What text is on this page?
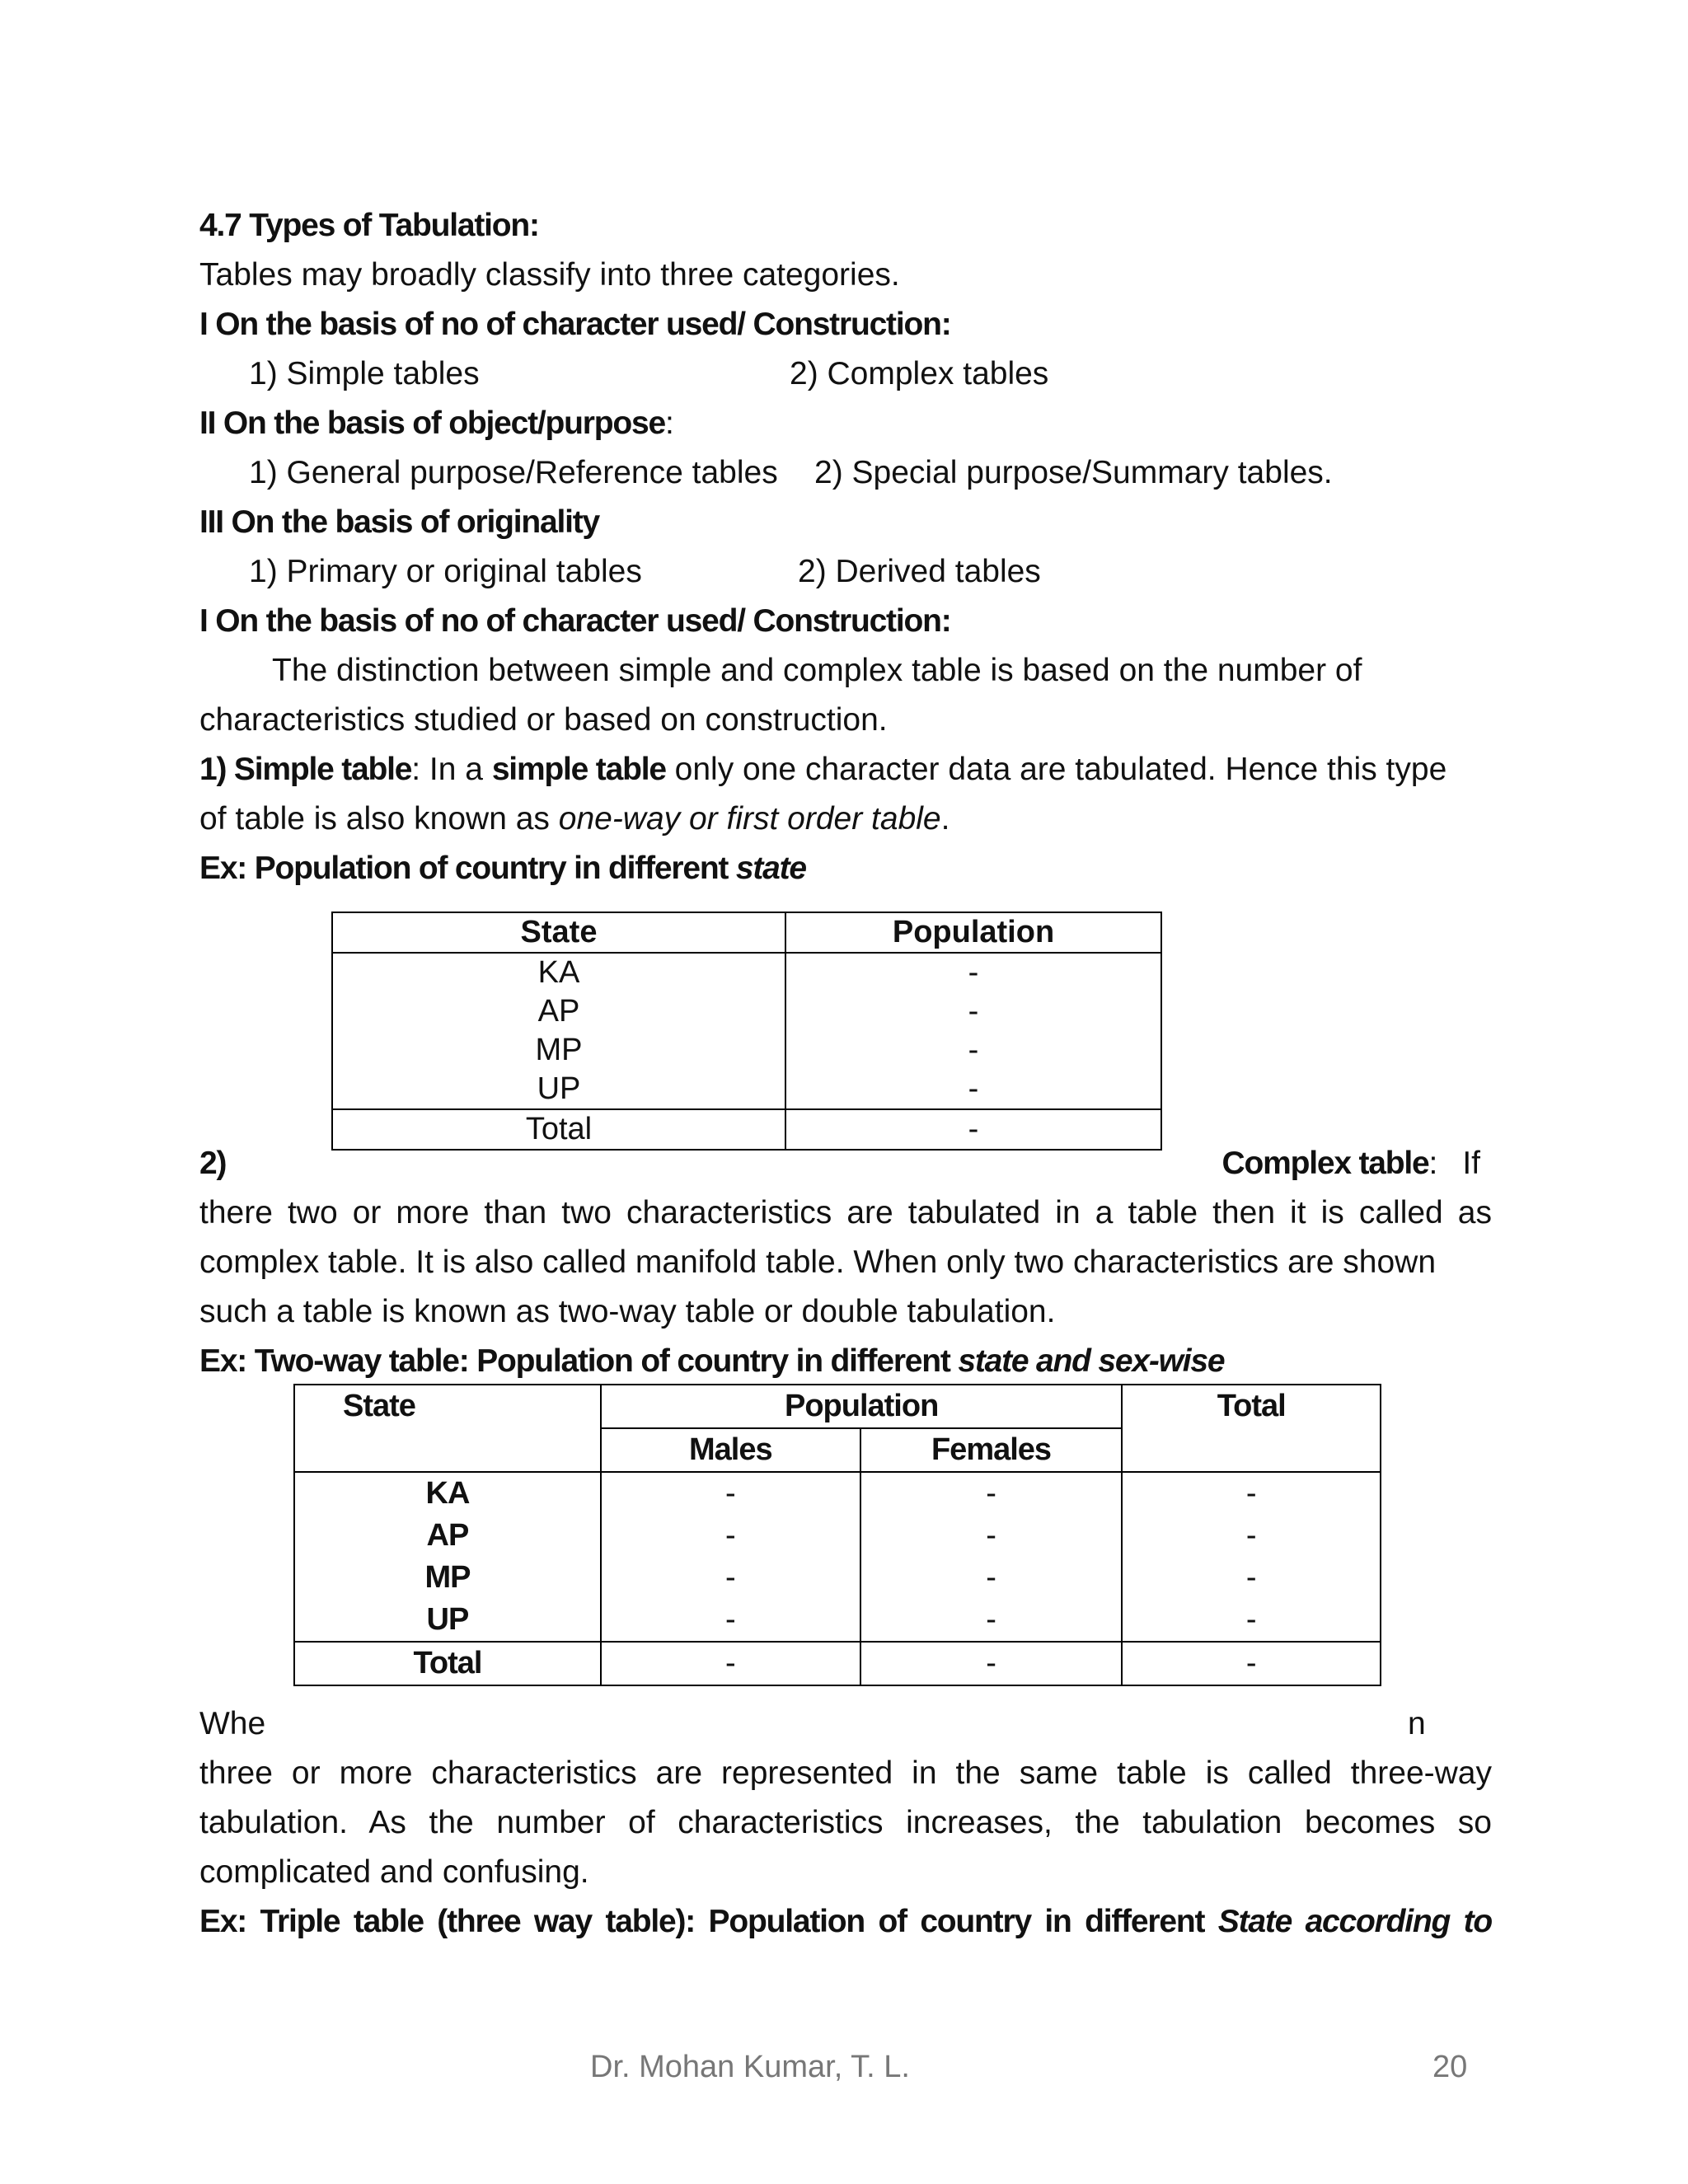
4.7 Types of Tabulation:
Tables may broadly classify into three categories.
I On the basis of no of character used/ Construction:
1) Simple tables	2) Complex tables
II On the basis of object/purpose:
1) General purpose/Reference tables 2) Special purpose/Summary tables.
III On the basis of originality
1) Primary or original tables	2) Derived tables
I On the basis of no of character used/ Construction:
The distinction between simple and complex table is based on the number of
characteristics studied or based on construction.
1) Simple table: In a simple table only one character data are tabulated. Hence this type
of table is also known as one-way or first order table.
Ex: Population of country in different state
State	Population
KA	-
AP	-
MP	-
UP	-
Total	-
2)	Complex table: If
there two or more than two characteristics are tabulated in a table then it is called as
complex table. It is also called manifold table. When only two characteristics are shown
such a table is known as two-way table or double tabulation.
Ex: Two-way table: Population of country in different state and sex-wise
State	Population		Total
	Males	Females	
KA	-	-	-
AP	-	-	-
MP	-	-	-
UP	-	-	-
Total	-	-	-
Whe	n
three or more characteristics are represented in the same table is called three-way
tabulation. As the number of characteristics increases, the tabulation becomes so
complicated and confusing.
Ex: Triple table (three way table): Population of country in different State according to
Dr. Mohan Kumar, T. L.	20
